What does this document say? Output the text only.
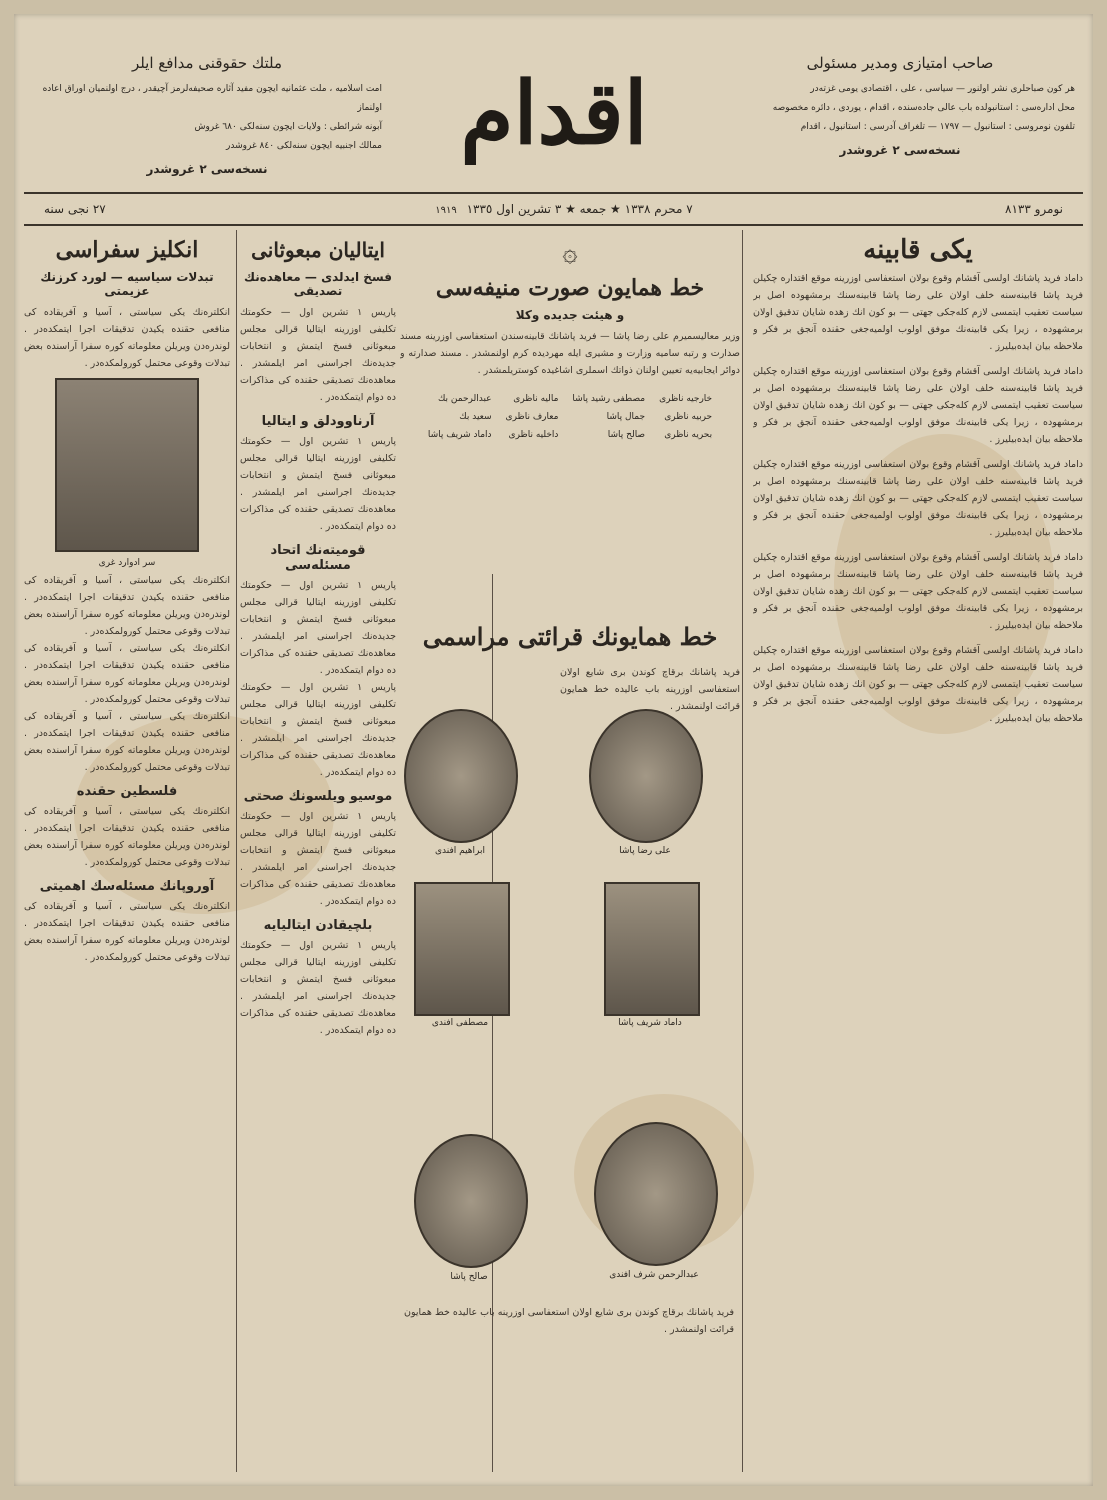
صاحب امتيازى ومدير مسئولى
هر كون صباحلرى نشر اولنور — سياسى ، على ، اقتصادى يومى غزته‌در
محل اداره‌سى : استانبولده باب عالى جاده‌سنده ، اقدام ، يوردى ، دائره مخصوصه
تلفون نومروسى : استانبول — ١٧٩٧ — تلغراف آدرسى : استانبول ، اقدام
نسخه‌سى ٢ غروشدر
اقدام
ملتك حقوقنى مدافع ايلر
امت اسلاميه ، ملت عثمانيه ايچون مفيد آثاره صحيفه‌لرمز آچيقدر ، درج اولنميان اوراق اعاده اولنماز
آبونه شرائطى : ولايات ايچون سنه‌لكى ٦٨٠ غروش
ممالك اجنبيه ايچون سنه‌لكى ٨٤٠ غروشدر
نسخه‌سى ٢ غروشدر
نومرو ٨١٣٣
٧ محرم ١٣٣٨ ★ جمعه ★ ٣ تشرين اول ١٣٣٥ ١٩١٩
٢٧ نجى سنه
يكى قابينه
داماد فريد پاشانك اولسى آقشام وقوع بولان استعفاسى اوزرينه موقع اقتداره چكيلن فريد پاشا قابينه‌سنه خلف اولان على رضا پاشا قابينه‌سنك برمشهوده اصل بر سياست تعقيب ايتمسى لازم كله‌جكى جهتى — بو كون انك زهده شايان تدقيق اولان برمشهوده ، زيرا يكى قابينه‌نك موفق اولوب اولميه‌جغى حقنده آنجق بر فكر و ملاحظه بيان ايده‌بيليرز .
داماد فريد پاشانك اولسى آقشام وقوع بولان استعفاسى اوزرينه موقع اقتداره چكيلن فريد پاشا قابينه‌سنه خلف اولان على رضا پاشا قابينه‌سنك برمشهوده اصل بر سياست تعقيب ايتمسى لازم كله‌جكى جهتى — بو كون انك زهده شايان تدقيق اولان برمشهوده ، زيرا يكى قابينه‌نك موفق اولوب اولميه‌جغى حقنده آنجق بر فكر و ملاحظه بيان ايده‌بيليرز .
داماد فريد پاشانك اولسى آقشام وقوع بولان استعفاسى اوزرينه موقع اقتداره چكيلن فريد پاشا قابينه‌سنه خلف اولان على رضا پاشا قابينه‌سنك برمشهوده اصل بر سياست تعقيب ايتمسى لازم كله‌جكى جهتى — بو كون انك زهده شايان تدقيق اولان برمشهوده ، زيرا يكى قابينه‌نك موفق اولوب اولميه‌جغى حقنده آنجق بر فكر و ملاحظه بيان ايده‌بيليرز .
داماد فريد پاشانك اولسى آقشام وقوع بولان استعفاسى اوزرينه موقع اقتداره چكيلن فريد پاشا قابينه‌سنه خلف اولان على رضا پاشا قابينه‌سنك برمشهوده اصل بر سياست تعقيب ايتمسى لازم كله‌جكى جهتى — بو كون انك زهده شايان تدقيق اولان برمشهوده ، زيرا يكى قابينه‌نك موفق اولوب اولميه‌جغى حقنده آنجق بر فكر و ملاحظه بيان ايده‌بيليرز .
داماد فريد پاشانك اولسى آقشام وقوع بولان استعفاسى اوزرينه موقع اقتداره چكيلن فريد پاشا قابينه‌سنه خلف اولان على رضا پاشا قابينه‌سنك برمشهوده اصل بر سياست تعقيب ايتمسى لازم كله‌جكى جهتى — بو كون انك زهده شايان تدقيق اولان برمشهوده ، زيرا يكى قابينه‌نك موفق اولوب اولميه‌جغى حقنده آنجق بر فكر و ملاحظه بيان ايده‌بيليرز .
۞
خط همايون صورت منيفه‌سى
و هيئت جديده وكلا
وزير معاليسميرم على رضا پاشا — فريد پاشانك قابينه‌سندن استعفاسى اوزرينه مسند صدارت و رتبه ساميه وزارت و مشيرى ايله مهرديده كرم اولنمشدر . مسند صدارته و دوائر ايجابيه‌يه تعيين اولنان ذواتك اسملرى اشاغيده كوستريلمشدر .
خارجيه ناظرى	مصطفى رشيد پاشا	ماليه ناظرى	عبدالرحمن بك
حربيه ناظرى	جمال پاشا	معارف ناظرى	سعيد بك
بحريه ناظرى	صالح پاشا	داخليه ناظرى	داماد شريف پاشا
خط همايونك قرائتى مراسمى
فريد پاشانك برقاچ كوندن برى شايع اولان استعفاسى اوزرينه باب عاليده خط همايون قرائت اولنمشدر .
ابراهيم افندى	على رضا پاشا
مصطفى افندى	داماد شريف پاشا
صالح پاشا	عبدالرحمن شرف افندى
فريد پاشانك برقاچ كوندن برى شايع اولان استعفاسى اوزرينه باب عاليده خط همايون قرائت اولنمشدر .
ايتاليان مبعوثانى
فسخ ايدلدى — معاهده‌نك تصديقى
پاريس ١ تشرين اول — حكومتك تكليفى اوزرينه ايتاليا قرالى مجلس مبعوثانى فسخ ايتمش و انتخابات جديده‌نك اجراسنى امر ايلمشدر . معاهده‌نك تصديقى حقنده‌ كى مذاكرات ده دوام ايتمكده‌در .
آرناوودلق و ايتاليا
پاريس ١ تشرين اول — حكومتك تكليفى اوزرينه ايتاليا قرالى مجلس مبعوثانى فسخ ايتمش و انتخابات جديده‌نك اجراسنى امر ايلمشدر . معاهده‌نك تصديقى حقنده‌ كى مذاكرات ده دوام ايتمكده‌در .
قوميته‌نك اتحاد مسئله‌سى
پاريس ١ تشرين اول — حكومتك تكليفى اوزرينه ايتاليا قرالى مجلس مبعوثانى فسخ ايتمش و انتخابات جديده‌نك اجراسنى امر ايلمشدر . معاهده‌نك تصديقى حقنده‌ كى مذاكرات ده دوام ايتمكده‌در .
پاريس ١ تشرين اول — حكومتك تكليفى اوزرينه ايتاليا قرالى مجلس مبعوثانى فسخ ايتمش و انتخابات جديده‌نك اجراسنى امر ايلمشدر . معاهده‌نك تصديقى حقنده‌ كى مذاكرات ده دوام ايتمكده‌در .
موسيو ويلسونك صحتى
پاريس ١ تشرين اول — حكومتك تكليفى اوزرينه ايتاليا قرالى مجلس مبعوثانى فسخ ايتمش و انتخابات جديده‌نك اجراسنى امر ايلمشدر . معاهده‌نك تصديقى حقنده‌ كى مذاكرات ده دوام ايتمكده‌در .
بلچيقادن ايتاليايه
پاريس ١ تشرين اول — حكومتك تكليفى اوزرينه ايتاليا قرالى مجلس مبعوثانى فسخ ايتمش و انتخابات جديده‌نك اجراسنى امر ايلمشدر . معاهده‌نك تصديقى حقنده‌ كى مذاكرات ده دوام ايتمكده‌در .
انكليز سفراسى
تبدلات سياسيه — لورد كرزنك عزيمتى
انكلتره‌نك يكى سياستى ، آسيا و آفريقاده‌ كى منافعى حقنده يكيدن تدقيقات اجرا ايتمكده‌در . لوندره‌دن ويريلن معلوماته كوره سفرا آراسنده بعض تبدلات وقوعى محتمل كورولمكده‌در .
سر ادوارد غرى
انكلتره‌نك يكى سياستى ، آسيا و آفريقاده‌ كى منافعى حقنده يكيدن تدقيقات اجرا ايتمكده‌در . لوندره‌دن ويريلن معلوماته كوره سفرا آراسنده بعض تبدلات وقوعى محتمل كورولمكده‌در .
انكلتره‌نك يكى سياستى ، آسيا و آفريقاده‌ كى منافعى حقنده يكيدن تدقيقات اجرا ايتمكده‌در . لوندره‌دن ويريلن معلوماته كوره سفرا آراسنده بعض تبدلات وقوعى محتمل كورولمكده‌در .
انكلتره‌نك يكى سياستى ، آسيا و آفريقاده‌ كى منافعى حقنده يكيدن تدقيقات اجرا ايتمكده‌در . لوندره‌دن ويريلن معلوماته كوره سفرا آراسنده بعض تبدلات وقوعى محتمل كورولمكده‌در .
فلسطين حقنده
انكلتره‌نك يكى سياستى ، آسيا و آفريقاده‌ كى منافعى حقنده يكيدن تدقيقات اجرا ايتمكده‌در . لوندره‌دن ويريلن معلوماته كوره سفرا آراسنده بعض تبدلات وقوعى محتمل كورولمكده‌در .
آوروپانك مسئله‌سك اهميتى
انكلتره‌نك يكى سياستى ، آسيا و آفريقاده‌ كى منافعى حقنده يكيدن تدقيقات اجرا ايتمكده‌در . لوندره‌دن ويريلن معلوماته كوره سفرا آراسنده بعض تبدلات وقوعى محتمل كورولمكده‌در .
